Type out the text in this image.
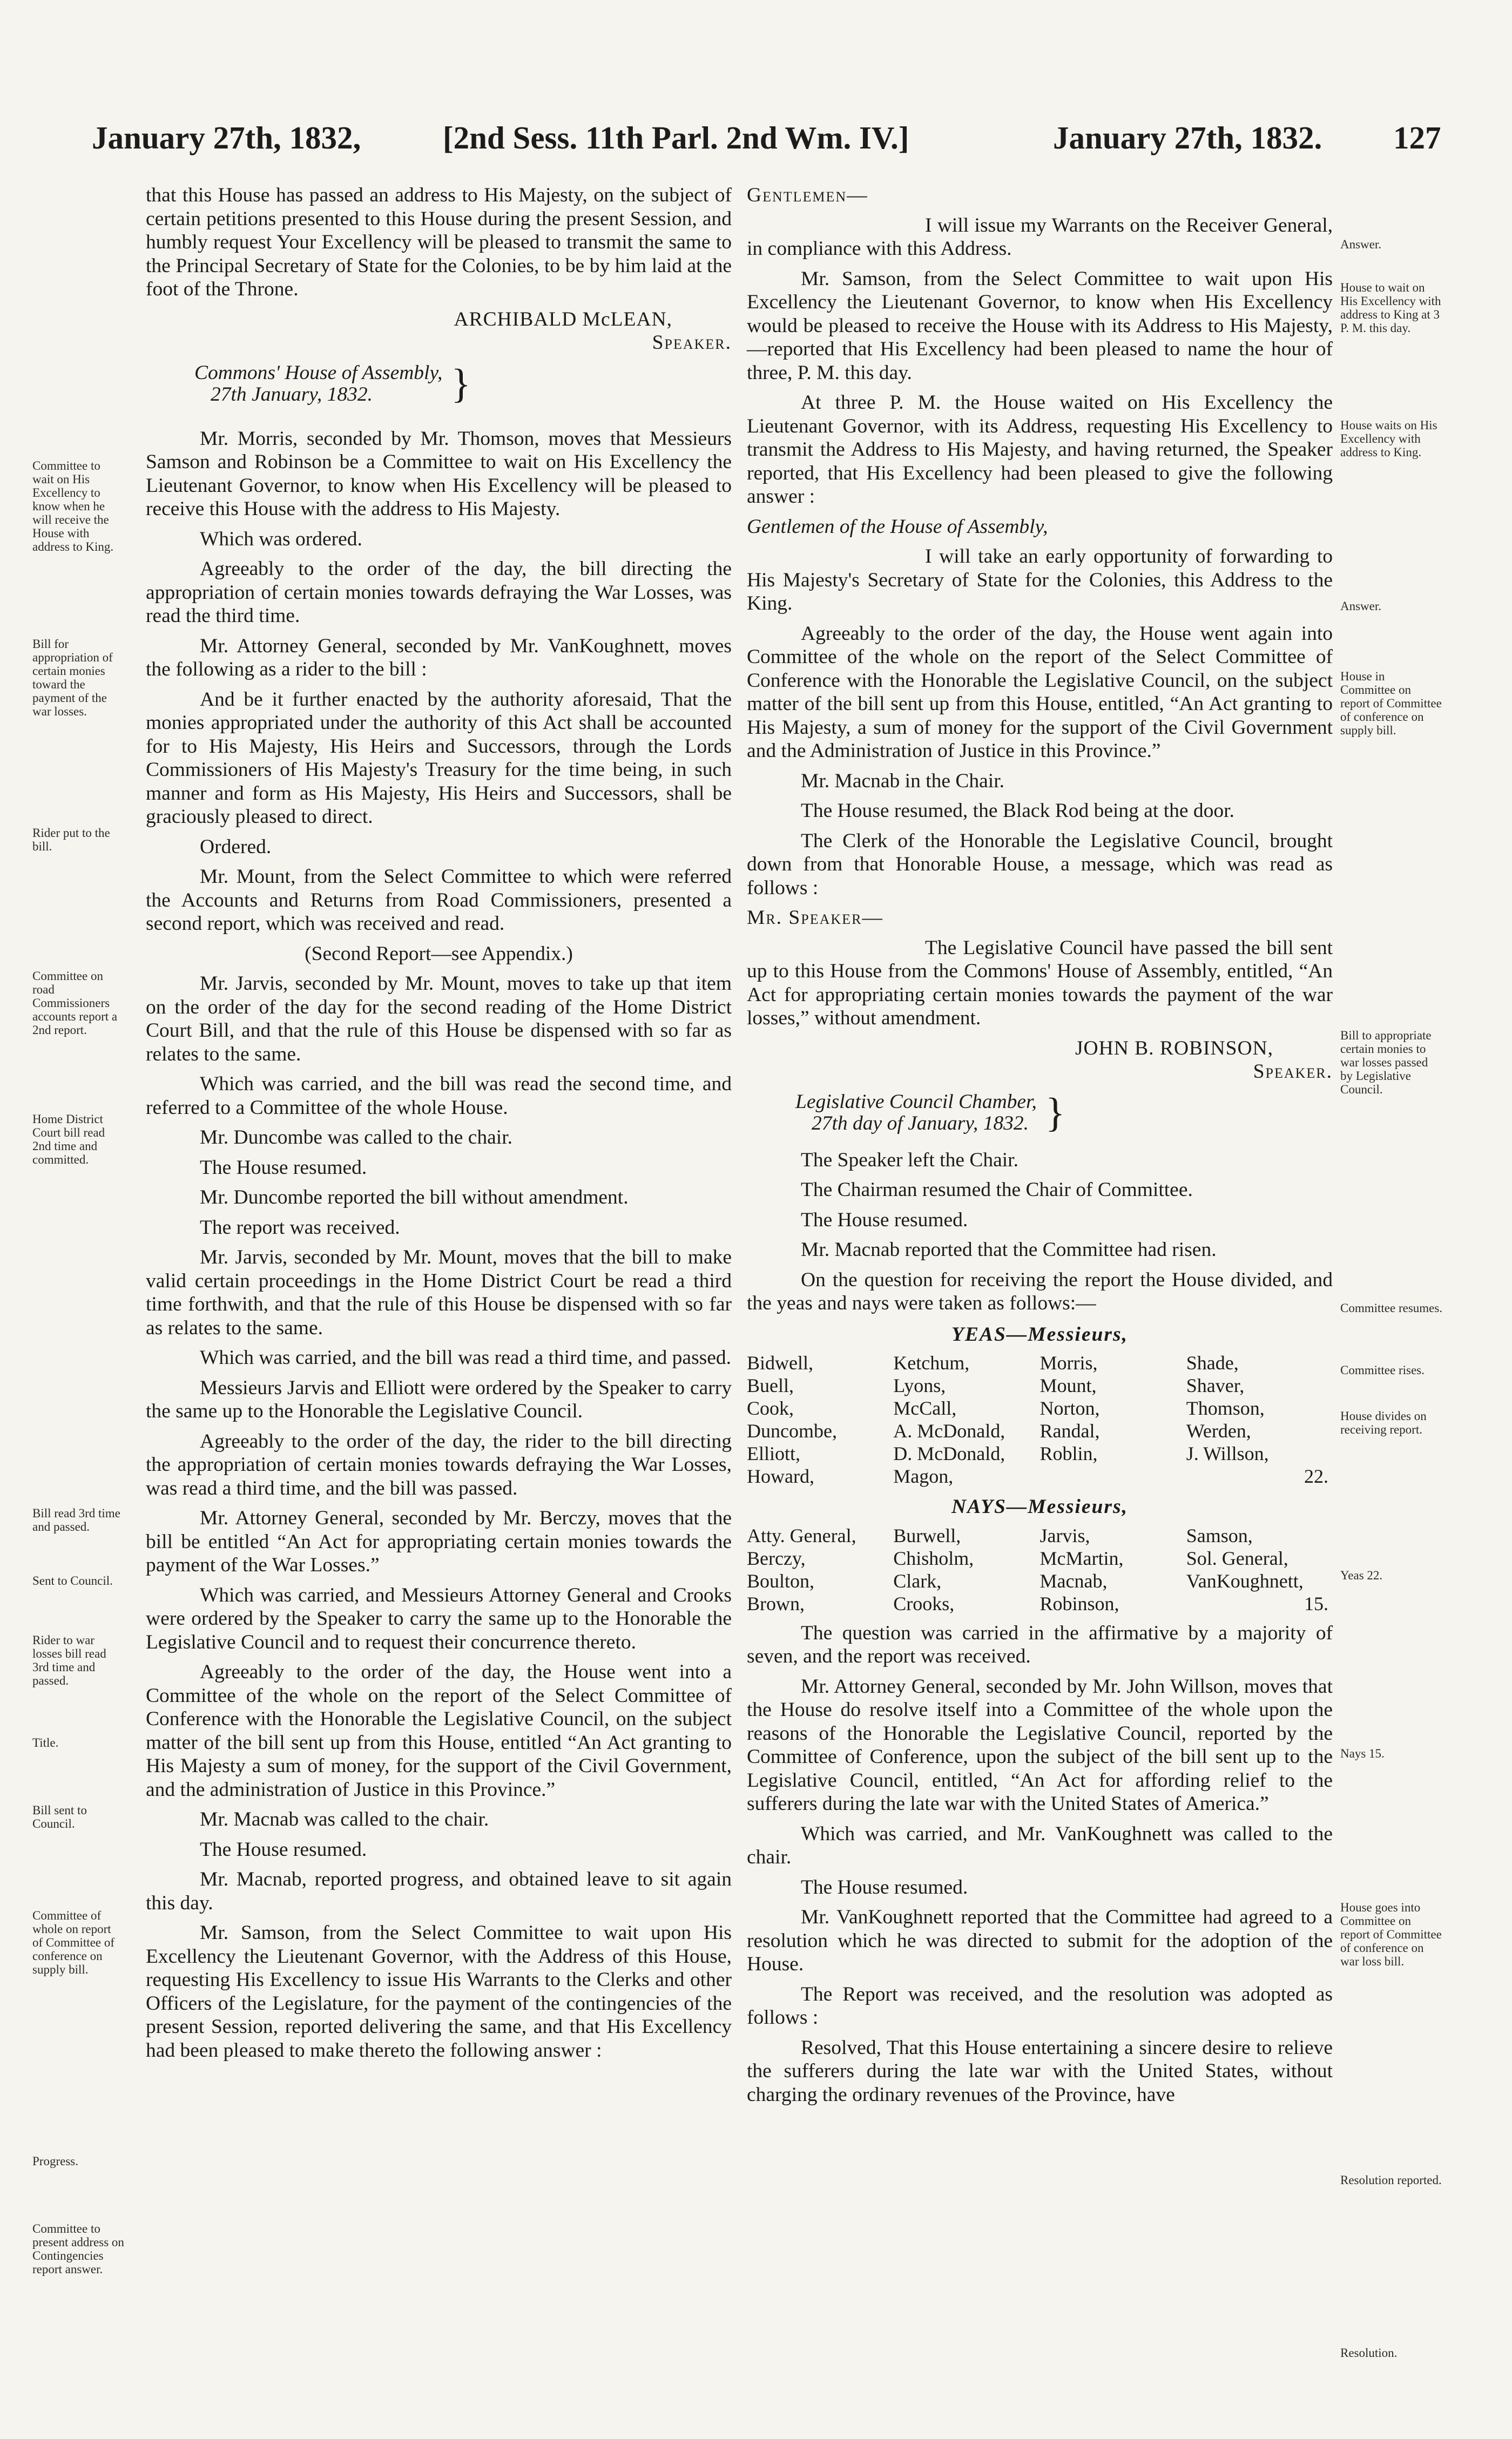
January 27th, 1832,	[2nd Sess. 11th Parl. 2nd Wm. IV.]	January 27th, 1832. 127

that this House has passed an address to His Majesty, on the subject of certain petitions presented to this House during the present Session, and humbly request Your Excellency will be pleased to transmit the same to the Principal Secretary of State for the Colonies, to be by him laid at the foot of the Throne.

ARCHIBALD McLEAN,

Speaker.

Commons' House of Assembly,
27th January, 1832.	}

Mr. Morris, seconded by Mr. Thomson, moves that Messieurs Samson and Robinson be a Committee to wait on His Excellency the Lieutenant Governor, to know when His Excellency will be pleased to receive this House with the address to His Majesty.

Which was ordered.

Agreeably to the order of the day, the bill directing the appropriation of certain monies towards defraying the War Losses, was read the third time.

Mr. Attorney General, seconded by Mr. VanKoughnett, moves the following as a rider to the bill :

And be it further enacted by the authority aforesaid, That the monies appropriated under the authority of this Act shall be accounted for to His Majesty, His Heirs and Successors, through the Lords Commissioners of His Majesty's Treasury for the time being, in such manner and form as His Majesty, His Heirs and Successors, shall be graciously pleased to direct.

Ordered.

Mr. Mount, from the Select Committee to which were referred the Accounts and Returns from Road Commissioners, presented a second report, which was received and read.

(Second Report—see Appendix.)

Mr. Jarvis, seconded by Mr. Mount, moves to take up that item on the order of the day for the second reading of the Home District Court Bill, and that the rule of this House be dispensed with so far as relates to the same.

Which was carried, and the bill was read the second time, and referred to a Committee of the whole House.

Mr. Duncombe was called to the chair.

The House resumed.

Mr. Duncombe reported the bill without amendment.

The report was received.

Mr. Jarvis, seconded by Mr. Mount, moves that the bill to make valid certain proceedings in the Home District Court be read a third time forthwith, and that the rule of this House be dispensed with so far as relates to the same.

Which was carried, and the bill was read a third time, and passed.

Messieurs Jarvis and Elliott were ordered by the Speaker to carry the same up to the Honorable the Legislative Council.

Agreeably to the order of the day, the rider to the bill directing the appropriation of certain monies towards defraying the War Losses, was read a third time, and the bill was passed.

Mr. Attorney General, seconded by Mr. Berczy, moves that the bill be entitled “An Act for appropriating certain monies towards the payment of the War Losses.”

Which was carried, and Messieurs Attorney General and Crooks were ordered by the Speaker to carry the same up to the Honorable the Legislative Council and to request their concurrence thereto.

Agreeably to the order of the day, the House went into a Committee of the whole on the report of the Select Committee of Conference with the Honorable the Legislative Council, on the subject matter of the bill sent up from this House, entitled “An Act granting to His Majesty a sum of money, for the support of the Civil Government, and the administration of Justice in this Province.”

Mr. Macnab was called to the chair.

The House resumed.

Mr. Macnab, reported progress, and obtained leave to sit again this day.

Mr. Samson, from the Select Committee to wait upon His Excellency the Lieutenant Governor, with the Address of this House, requesting His Excellency to issue His Warrants to the Clerks and other Officers of the Legislature, for the payment of the contingencies of the present Session, reported delivering the same, and that His Excellency had been pleased to make thereto the following answer :

Committee to wait on His Excellency to know when he will receive the House with address to King.
Bill for appropriation of certain monies toward the payment of the war losses.
Rider put to the bill.
Committee on road Commissioners accounts report a 2nd report.
Home District Court bill read 2nd time and committed.
Bill read 3rd time and passed.
Sent to Council.
Rider to war losses bill read 3rd time and passed.
Title.
Bill sent to Council.
Committee of whole on report of Committee of conference on supply bill.
Progress.
Committee to present address on Contingencies report answer.

Gentlemen—

I will issue my Warrants on the Receiver General, in compliance with this Address.

Mr. Samson, from the Select Committee to wait upon His Excellency the Lieutenant Governor, to know when His Excellency would be pleased to receive the House with its Address to His Majesty,—reported that His Excellency had been pleased to name the hour of three, P. M. this day.

At three P. M. the House waited on His Excellency the Lieutenant Governor, with its Address, requesting His Excellency to transmit the Address to His Majesty, and having returned, the Speaker reported, that His Excellency had been pleased to give the following answer :

Gentlemen of the House of Assembly,

I will take an early opportunity of forwarding to His Majesty's Secretary of State for the Colonies, this Address to the King.

Agreeably to the order of the day, the House went again into Committee of the whole on the report of the Select Committee of Conference with the Honorable the Legislative Council, on the subject matter of the bill sent up from this House, entitled, “An Act granting to His Majesty, a sum of money for the support of the Civil Government and the Administration of Justice in this Province.”

Mr. Macnab in the Chair.

The House resumed, the Black Rod being at the door.

The Clerk of the Honorable the Legislative Council, brought down from that Honorable House, a message, which was read as follows :

Mr. Speaker—

The Legislative Council have passed the bill sent up to this House from the Commons' House of Assembly, entitled, “An Act for appropriating certain monies towards the payment of the war losses,” without amendment.

JOHN B. ROBINSON,

Speaker.

Legislative Council Chamber,
27th day of January, 1832. }

The Speaker left the Chair.

The Chairman resumed the Chair of Committee.

The House resumed.

Mr. Macnab reported that the Committee had risen.

On the question for receiving the report the House divided, and the yeas and nays were taken as follows:—

YEAS—Messieurs,
Bidwell,	Ketchum,	Morris,	Shade,
Buell,	Lyons,	Mount,	Shaver,
Cook,	McCall,	Norton,	Thomson,
Duncombe,	A. McDonald,	Randal,	Werden,
Elliott,	D. McDonald,	Roblin,	J. Willson,
Howard,	Magon,		22.
NAYS—Messieurs,
Atty. General,	Burwell,	Jarvis,	Samson,
Berczy,	Chisholm,	McMartin,	Sol. General,
Boulton,	Clark,	Macnab,	VanKoughnett,
Brown,	Crooks,	Robinson,	15.

The question was carried in the affirmative by a majority of seven, and the report was received.

Mr. Attorney General, seconded by Mr. John Willson, moves that the House do resolve itself into a Committee of the whole upon the reasons of the Honorable the Legislative Council, reported by the Committee of Conference, upon the subject of the bill sent up to the Legislative Council, entitled, “An Act for affording relief to the sufferers during the late war with the United States of America.”

Which was carried, and Mr. VanKoughnett was called to the chair.

The House resumed.

Mr. VanKoughnett reported that the Committee had agreed to a resolution which he was directed to submit for the adoption of the House.

The Report was received, and the resolution was adopted as follows :

Resolved, That this House entertaining a sincere desire to relieve the sufferers during the late war with the United States, without charging the ordinary revenues of the Province, have

Answer.
House to wait on His Excellency with address to King at 3 P. M. this day.
House waits on His Excellency with address to King.
Answer.
House in Committee on report of Committee of conference on supply bill.
Bill to appropriate certain monies to war losses passed by Legislative Council.
Committee resumes.
Committee rises.
House divides on receiving report.
Yeas 22.
Nays 15.
House goes into Committee on report of Committee of conference on war loss bill.
Resolution reported.
Resolution.
